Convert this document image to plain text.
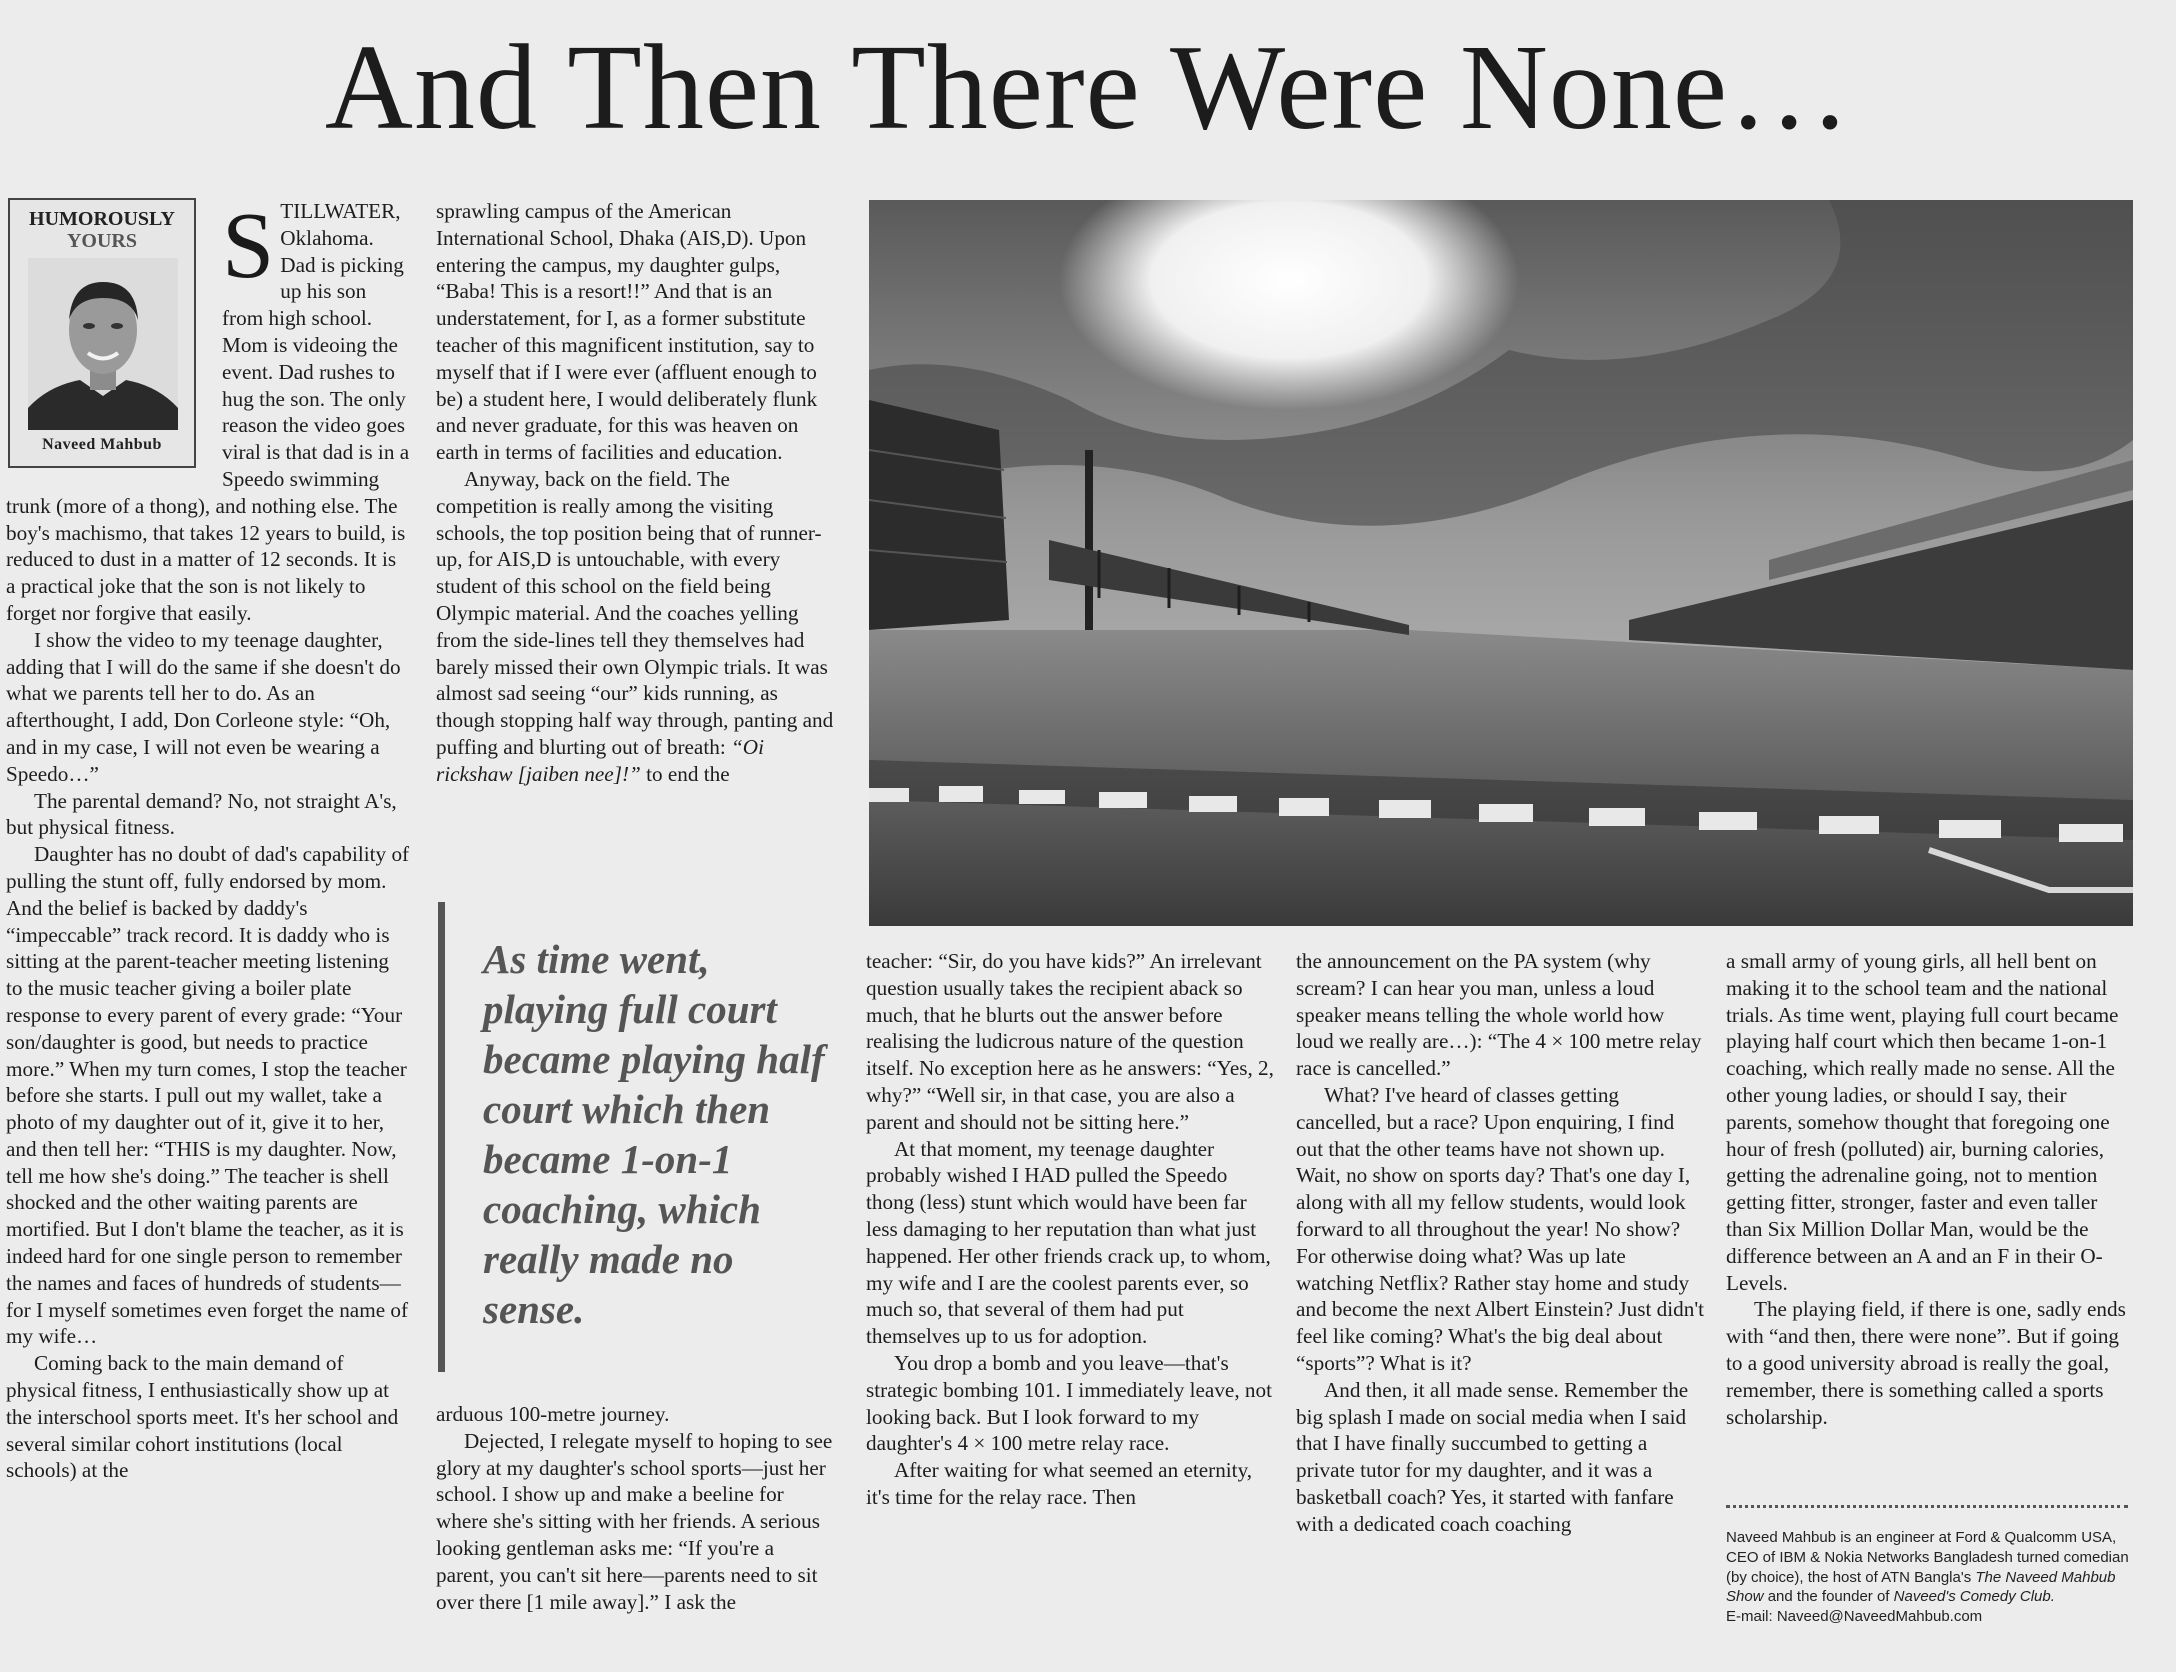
And Then There Were None…
HUMOROUSLY
YOURS
Naveed Mahbub

STILLWATER, Oklahoma. Dad is picking up his son from high school. Mom is videoing the event. Dad rushes to hug the son. The only reason the video goes viral is that dad is in a Speedo swimming trunk (more of a thong), and nothing else. The boy's machismo, that takes 12 years to build, is reduced to dust in a matter of 12 seconds. It is a practical joke that the son is not likely to forget nor forgive that easily.

I show the video to my teenage daughter, adding that I will do the same if she doesn't do what we parents tell her to do. As an afterthought, I add, Don Corleone style: “Oh, and in my case, I will not even be wearing a Speedo…”

The parental demand? No, not straight A's, but physical fitness.

Daughter has no doubt of dad's capability of pulling the stunt off, fully endorsed by mom. And the belief is backed by daddy's “impeccable” track record. It is daddy who is sitting at the parent-teacher meeting listening to the music teacher giving a boiler plate response to every parent of every grade: “Your son/daughter is good, but needs to practice more.” When my turn comes, I stop the teacher before she starts. I pull out my wallet, take a photo of my daughter out of it, give it to her, and then tell her: “THIS is my daughter. Now, tell me how she's doing.” The teacher is shell shocked and the other waiting parents are mortified. But I don't blame the teacher, as it is indeed hard for one single person to remember the names and faces of hundreds of students—for I myself sometimes even forget the name of my wife…

Coming back to the main demand of physical fitness, I enthusiastically show up at the interschool sports meet. It's her school and several similar cohort institutions (local schools) at the

sprawling campus of the American International School, Dhaka (AIS,D). Upon entering the campus, my daughter gulps, “Baba! This is a resort!!” And that is an understatement, for I, as a former substitute teacher of this magnificent institution, say to myself that if I were ever (affluent enough to be) a student here, I would deliberately flunk and never graduate, for this was heaven on earth in terms of facilities and education.

Anyway, back on the field. The competition is really among the visiting schools, the top position being that of runner-up, for AIS,D is untouchable, with every student of this school on the field being Olympic material. And the coaches yelling from the side-lines tell they themselves had barely missed their own Olympic trials. It was almost sad seeing “our” kids running, as though stopping half way through, panting and puffing and blurting out of breath: “Oi rickshaw [jaiben nee]!” to end the

As time went, playing full court became playing half court which then became 1-on-1 coaching, which really made no sense.

arduous 100-metre journey.

Dejected, I relegate myself to hoping to see glory at my daughter's school sports—just her school. I show up and make a beeline for where she's sitting with her friends. A serious looking gentleman asks me: “If you're a parent, you can't sit here—parents need to sit over there [1 mile away].” I ask the

teacher: “Sir, do you have kids?” An irrelevant question usually takes the recipient aback so much, that he blurts out the answer before realising the ludicrous nature of the question itself. No exception here as he answers: “Yes, 2, why?” “Well sir, in that case, you are also a parent and should not be sitting here.”

At that moment, my teenage daughter probably wished I HAD pulled the Speedo thong (less) stunt which would have been far less damaging to her reputation than what just happened. Her other friends crack up, to whom, my wife and I are the coolest parents ever, so much so, that several of them had put themselves up to us for adoption.

You drop a bomb and you leave—that's strategic bombing 101. I immediately leave, not looking back. But I look forward to my daughter's 4 × 100 metre relay race.

After waiting for what seemed an eternity, it's time for the relay race. Then

the announcement on the PA system (why scream? I can hear you man, unless a loud speaker means telling the whole world how loud we really are…): “The 4 × 100 metre relay race is cancelled.”

What? I've heard of classes getting cancelled, but a race? Upon enquiring, I find out that the other teams have not shown up. Wait, no show on sports day? That's one day I, along with all my fellow students, would look forward to all throughout the year! No show? For otherwise doing what? Was up late watching Netflix? Rather stay home and study and become the next Albert Einstein? Just didn't feel like coming? What's the big deal about “sports”? What is it?

And then, it all made sense. Remember the big splash I made on social media when I said that I have finally succumbed to getting a private tutor for my daughter, and it was a basketball coach? Yes, it started with fanfare with a dedicated coach coaching

a small army of young girls, all hell bent on making it to the school team and the national trials. As time went, playing full court became playing half court which then became 1-on-1 coaching, which really made no sense. All the other young ladies, or should I say, their parents, somehow thought that foregoing one hour of fresh (polluted) air, burning calories, getting the adrenaline going, not to mention getting fitter, stronger, faster and even taller than Six Million Dollar Man, would be the difference between an A and an F in their O-Levels.

The playing field, if there is one, sadly ends with “and then, there were none”. But if going to a good university abroad is really the goal, remember, there is something called a sports scholarship.

Naveed Mahbub is an engineer at Ford & Qualcomm USA, CEO of IBM & Nokia Networks Bangladesh turned comedian (by choice), the host of ATN Bangla's The Naveed Mahbub Show and the founder of Naveed's Comedy Club.
E-mail: Naveed@NaveedMahbub.com
